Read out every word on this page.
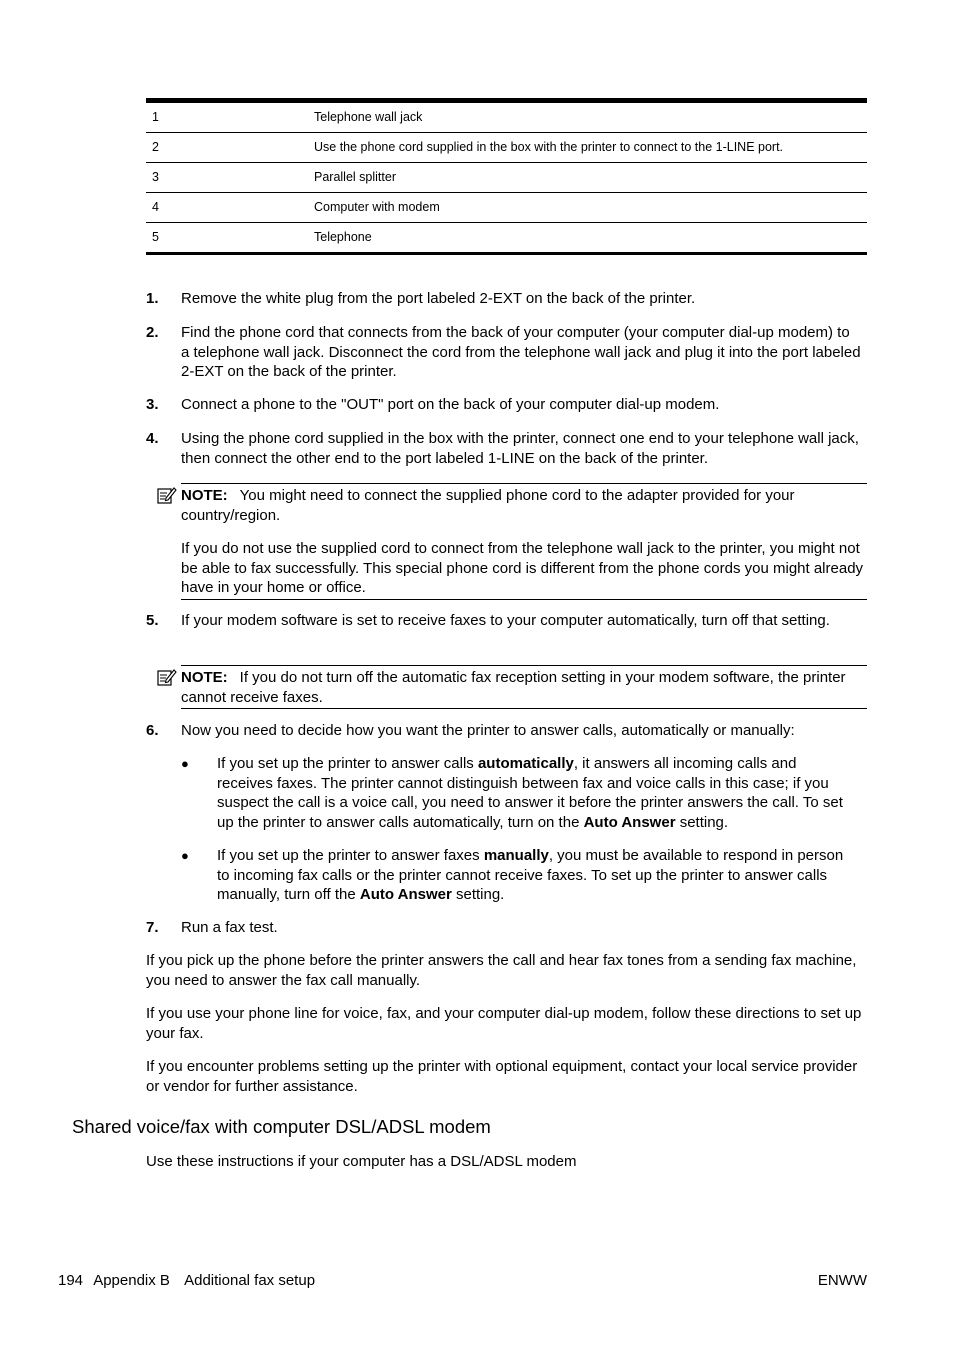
1	Telephone wall jack
2	Use the phone cord supplied in the box with the printer to connect to the 1-LINE port.
3	Parallel splitter
4	Computer with modem
5	Telephone
1. Remove the white plug from the port labeled 2-EXT on the back of the printer.

2. Find the phone cord that connects from the back of your computer (your computer dial-up modem) to a telephone wall jack. Disconnect the cord from the telephone wall jack and plug it into the port labeled 2-EXT on the back of the printer.

3. Connect a phone to the "OUT" port on the back of your computer dial-up modem.

4. Using the phone cord supplied in the box with the printer, connect one end to your telephone wall jack, then connect the other end to the port labeled 1-LINE on the back of the printer.

NOTE: You might need to connect the supplied phone cord to the adapter provided for your country/region.

If you do not use the supplied cord to connect from the telephone wall jack to the printer, you might not be able to fax successfully. This special phone cord is different from the phone cords you might already have in your home or office.

5. If your modem software is set to receive faxes to your computer automatically, turn off that setting.

NOTE: If you do not turn off the automatic fax reception setting in your modem software, the printer cannot receive faxes.

6. Now you need to decide how you want the printer to answer calls, automatically or manually:

● If you set up the printer to answer calls automatically, it answers all incoming calls and receives faxes. The printer cannot distinguish between fax and voice calls in this case; if you suspect the call is a voice call, you need to answer it before the printer answers the call. To set up the printer to answer calls automatically, turn on the Auto Answer setting.

● If you set up the printer to answer faxes manually, you must be available to respond in person to incoming fax calls or the printer cannot receive faxes. To set up the printer to answer calls manually, turn off the Auto Answer setting.

7. Run a fax test.

If you pick up the phone before the printer answers the call and hear fax tones from a sending fax machine, you need to answer the fax call manually.

If you use your phone line for voice, fax, and your computer dial-up modem, follow these directions to set up your fax.

If you encounter problems setting up the printer with optional equipment, contact your local service provider or vendor for further assistance.

Shared voice/fax with computer DSL/ADSL modem

Use these instructions if your computer has a DSL/ADSL modem

194 Appendix B Additional fax setup	ENWW
